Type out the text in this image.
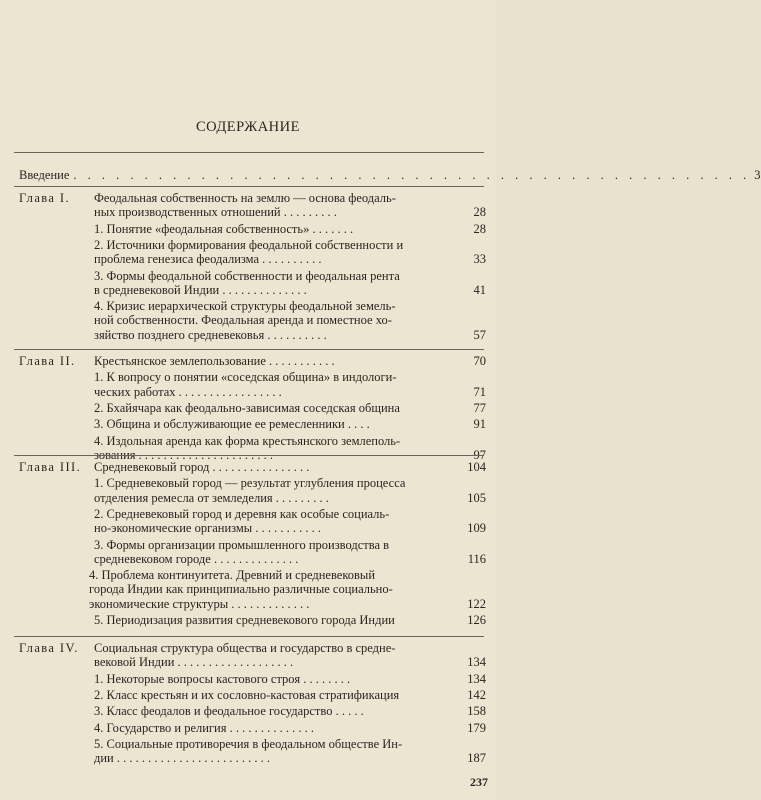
СОДЕРЖАНИЕ
Введение . . . . . . . . . . . . . . . . . . . . . . . . . . . . . . . . . . . . . . . . . . . . . . . . 3
Глава I. Феодальная собственность на землю — основа феодаль-
ных производственных отношений . . . . . . . . .	28
1. Понятие «феодальная собственность» . . . . . . .	28
2. Источники формирования феодальной собственности и
проблема генезиса феодализма . . . . . . . . . .	33
3. Формы феодальной собственности и феодальная рента
в средневековой Индии . . . . . . . . . . . . . .	41
4. Кризис иерархической структуры феодальной земель-
ной собственности. Феодальная аренда и поместное хо-
зяйство позднего средневековья . . . . . . . . . .	57
Глава II. Крестьянское землепользование . . . . . . . . . . .	70
1. К вопросу о понятии «соседская община» в индологи-
ческих работах . . . . . . . . . . . . . . . . .	71
2. Бхайячара как феодально-зависимая соседская община	77
3. Община и обслуживающие ее ремесленники . . . .	91
4. Издольная аренда как форма крестьянского землеполь-
зования . . . . . . . . . . . . . . . . . . . . . .	97
Глава III. Средневековый город . . . . . . . . . . . . . . . .	104
1. Средневековый город — результат углубления процесса
отделения ремесла от земледелия . . . . . . . . .	105
2. Средневековый город и деревня как особые социаль-
но-экономические организмы . . . . . . . . . . .	109
3. Формы организации промышленного производства в
средневековом городе . . . . . . . . . . . . . .	116
4. Проблема континуитета. Древний и средневековый
города Индии как принципиально различные социально-
экономические структуры . . . . . . . . . . . . .	122
5. Периодизация развития средневекового города Индии	126
Глава IV. Социальная структура общества и государство в средне-
вековой Индии . . . . . . . . . . . . . . . . . . .	134
1. Некоторые вопросы кастового строя . . . . . . . .	134
2. Класс крестьян и их сословно-кастовая стратификация	142
3. Класс феодалов и феодальное государство . . . . .	158
4. Государство и религия . . . . . . . . . . . . . .	179
5. Социальные противоречия в феодальном обществе Ин-
дии . . . . . . . . . . . . . . . . . . . . . . . . .	187
237
